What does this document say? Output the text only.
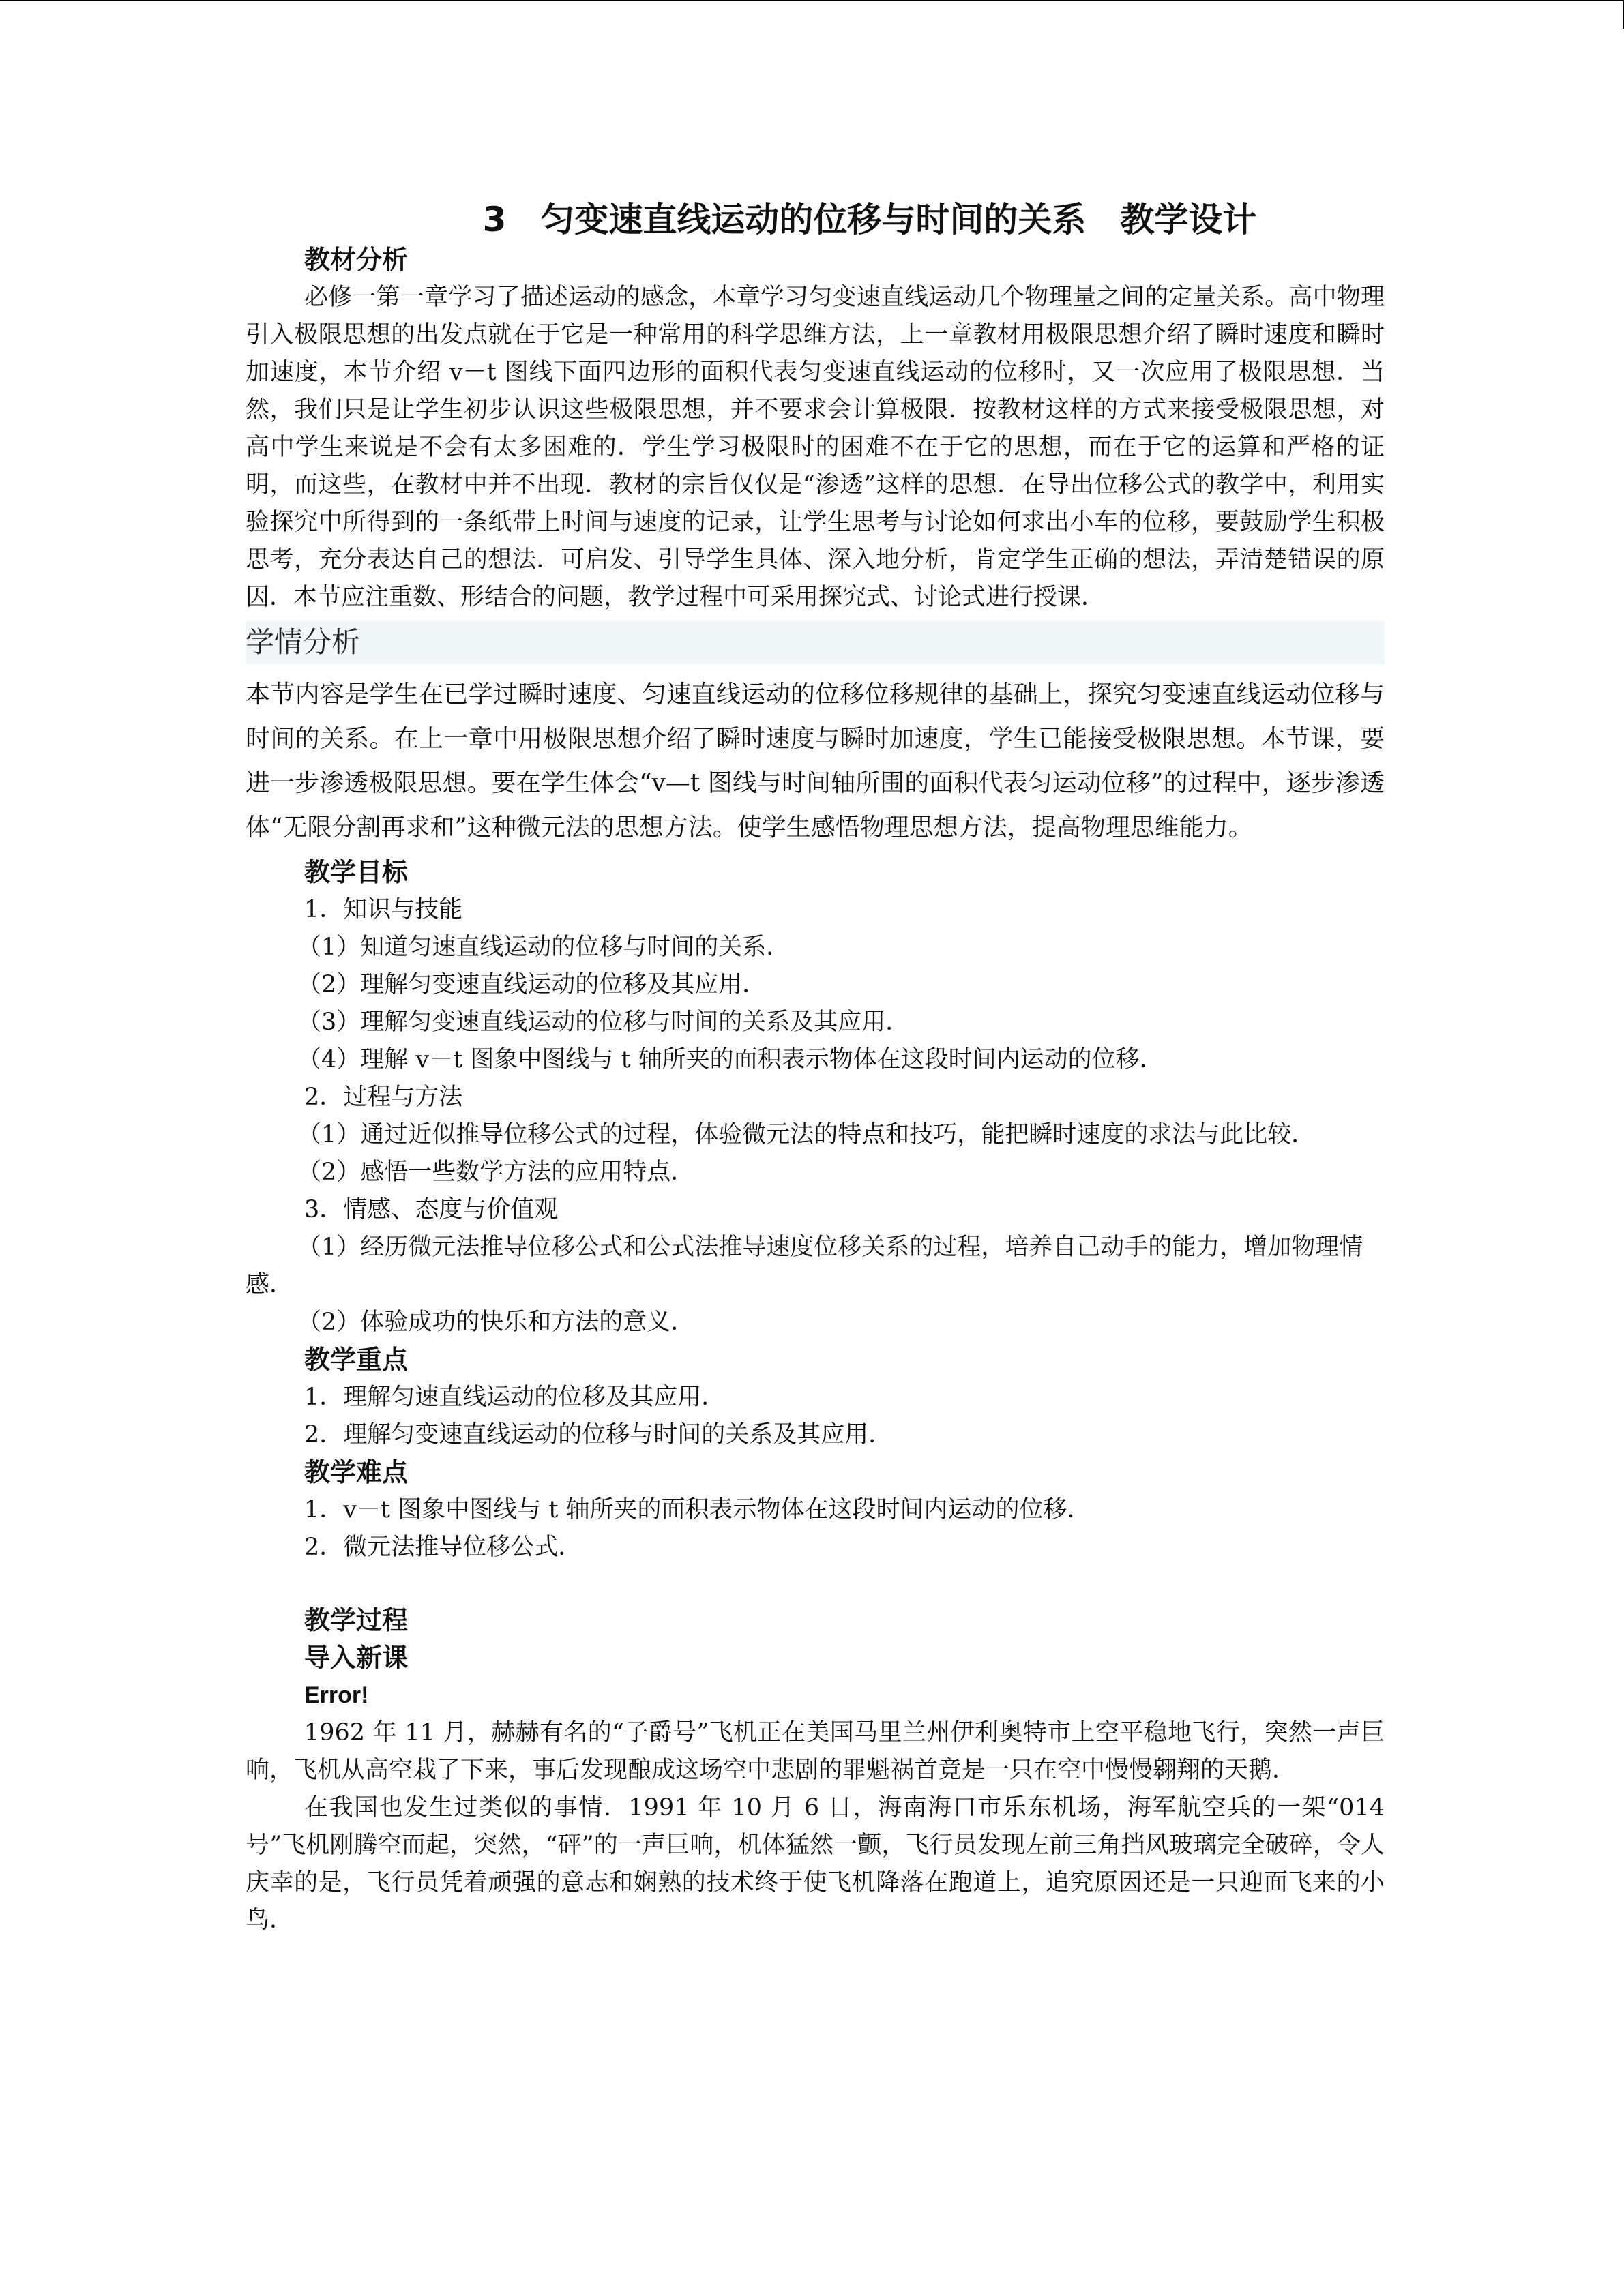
3　匀变速直线运动的位移与时间的关系　教学设计
教材分析

必修一第一章学习了描述运动的感念，本章学习匀变速直线运动几个物理量之间的定量关系。高中物理引入极限思想的出发点就在于它是一种常用的科学思维方法，上一章教材用极限思想介绍了瞬时速度和瞬时加速度，本节介绍 v－t 图线下面四边形的面积代表匀变速直线运动的位移时，又一次应用了极限思想．当然，我们只是让学生初步认识这些极限思想，并不要求会计算极限．按教材这样的方式来接受极限思想，对高中学生来说是不会有太多困难的．学生学习极限时的困难不在于它的思想，而在于它的运算和严格的证明，而这些，在教材中并不出现．教材的宗旨仅仅是“渗透”这样的思想．在导出位移公式的教学中，利用实验探究中所得到的一条纸带上时间与速度的记录，让学生思考与讨论如何求出小车的位移，要鼓励学生积极思考，充分表达自己的想法．可启发、引导学生具体、深入地分析，肯定学生正确的想法，弄清楚错误的原因．本节应注重数、形结合的问题，教学过程中可采用探究式、讨论式进行授课．

学情分析

本节内容是学生在已学过瞬时速度、匀速直线运动的位移位移规律的基础上，探究匀变速直线运动位移与时间的关系。在上一章中用极限思想介绍了瞬时速度与瞬时加速度，学生已能接受极限思想。本节课，要进一步渗透极限思想。要在学生体会“v—t 图线与时间轴所围的面积代表匀运动位移”的过程中，逐步渗透体“无限分割再求和”这种微元法的思想方法。使学生感悟物理思想方法，提高物理思维能力。

教学目标
1．知识与技能
（1）知道匀速直线运动的位移与时间的关系．
（2）理解匀变速直线运动的位移及其应用．
（3）理解匀变速直线运动的位移与时间的关系及其应用．
（4）理解 v－t 图象中图线与 t 轴所夹的面积表示物体在这段时间内运动的位移．
2．过程与方法
（1）通过近似推导位移公式的过程，体验微元法的特点和技巧，能把瞬时速度的求法与此比较．
（2）感悟一些数学方法的应用特点．
3．情感、态度与价值观
（1）经历微元法推导位移公式和公式法推导速度位移关系的过程，培养自己动手的能力，增加物理情感．
（2）体验成功的快乐和方法的意义．
教学重点
1．理解匀速直线运动的位移及其应用．
2．理解匀变速直线运动的位移与时间的关系及其应用．
教学难点
1．v－t 图象中图线与 t 轴所夹的面积表示物体在这段时间内运动的位移．
2．微元法推导位移公式．
教学过程
导入新课
Error!

1962 年 11 月，赫赫有名的“子爵号”飞机正在美国马里兰州伊利奥特市上空平稳地飞行，突然一声巨响，飞机从高空栽了下来，事后发现酿成这场空中悲剧的罪魁祸首竟是一只在空中慢慢翱翔的天鹅．

在我国也发生过类似的事情．1991 年 10 月 6 日，海南海口市乐东机场，海军航空兵的一架“014 号”飞机刚腾空而起，突然，“砰”的一声巨响，机体猛然一颤，飞行员发现左前三角挡风玻璃完全破碎，令人庆幸的是，飞行员凭着顽强的意志和娴熟的技术终于使飞机降落在跑道上，追究原因还是一只迎面飞来的小鸟．
